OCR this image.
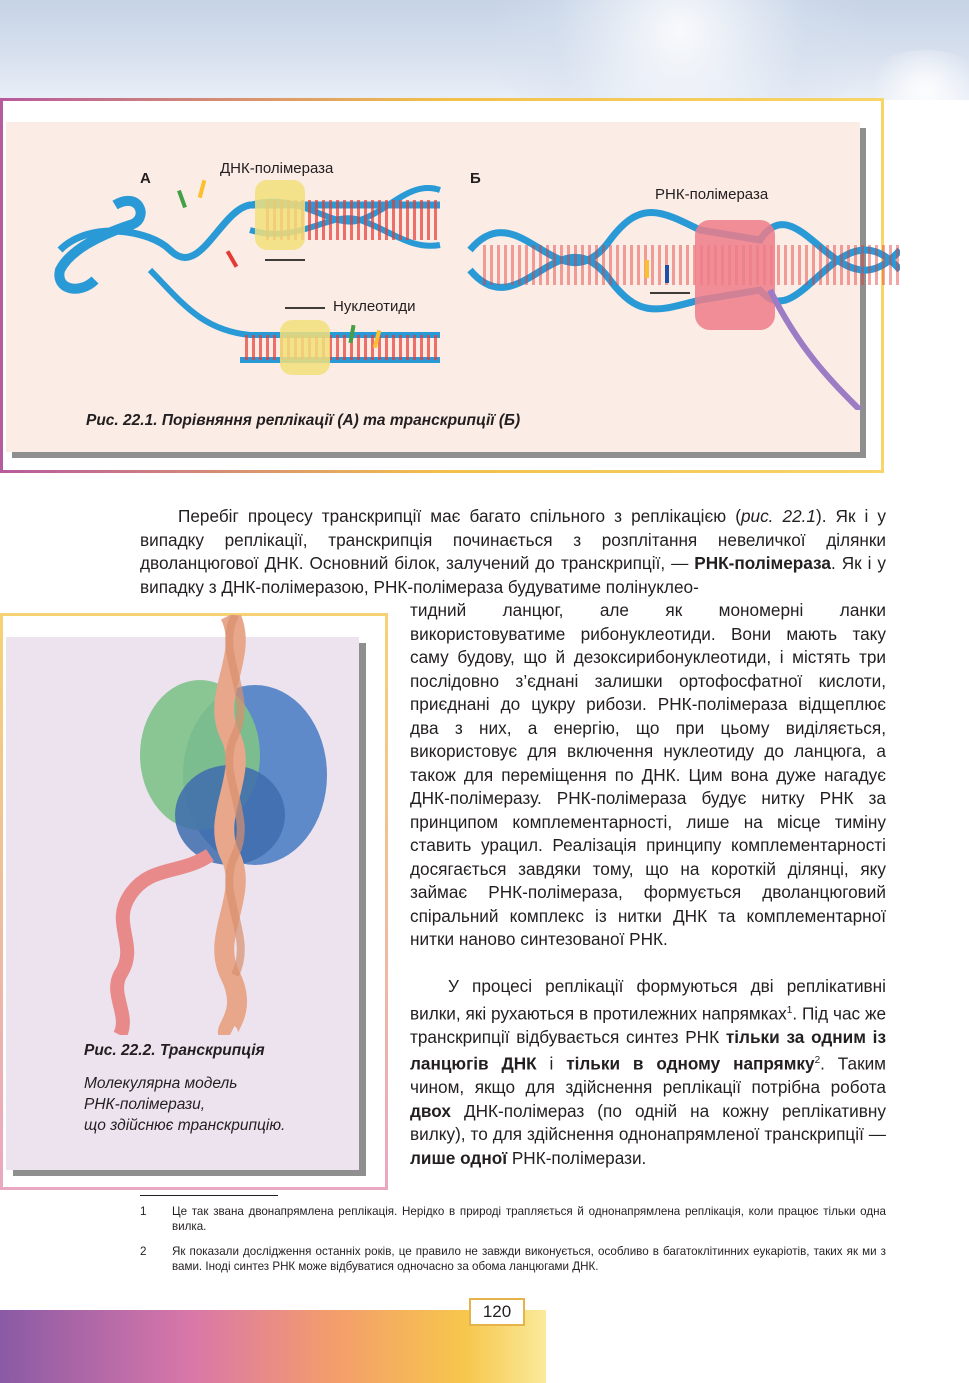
А	Б
ДНК-полімераза
Нуклеотиди
РНК-полімераза
Рис. 22.1. Порівняння реплікації (А) та транскрипції (Б)
Перебіг процесу транскрипції має багато спільного з реплікацією (рис. 22.1). Як і у випадку реплікації, транскрипція починається з розплітання невеличкої ділянки дволанцюгової ДНК. Основний білок, залучений до транскрипції, — РНК-полімераза. Як і у випадку з ДНК-полімеразою, РНК-полімераза будуватиме полінуклео-
Рис. 22.2. Транскрипція
Молекулярна модель
РНК-полімерази,
що здійснює транскрипцію.
тидний ланцюг, але як мономерні ланки використовуватиме рибонуклеотиди. Вони мають таку саму будову, що й дезоксирибонуклеотиди, і містять три послідовно з’єднані залишки ортофосфатної кислоти, приєднані до цукру рибози. РНК-полімераза відщеплює два з них, а енергію, що при цьому виділяється, використовує для включення нуклеотиду до ланцюга, а також для переміщення по ДНК. Цим вона дуже нагадує ДНК-полімеразу. РНК-полімераза будує нитку РНК за принципом комплементарності, лише на місце тиміну ставить урацил. Реалізація принципу комплементарності досягається завдяки тому, що на короткій ділянці, яку займає РНК-полімераза, формується дволанцюговий спіральний комплекс із нитки ДНК та комплементарної нитки наново синтезованої РНК.
У процесі реплікації формуються дві реплікативні вилки, які рухаються в протилежних напрямках$^1$. Під час же транскрипції відбувається синтез РНК тільки за одним із ланцюгів ДНК і тільки в одному напрямку$^2$. Таким чином, якщо для здійснення реплікації потрібна робота двох ДНК-полімераз (по одній на кожну реплікативну вилку), то для здійснення однонапрямленої транскрипції — лише одної РНК-полімерази.
1 Це так звана двонапрямлена реплікація. Нерідко в природі трапляється й однонапрямлена реплікація, коли працює тільки одна вилка.
2 Як показали дослідження останніх років, це правило не завжди виконується, особливо в багатоклітинних еукаріотів, таких як ми з вами. Іноді синтез РНК може відбуватися одночасно за обома ланцюгами ДНК.
120
